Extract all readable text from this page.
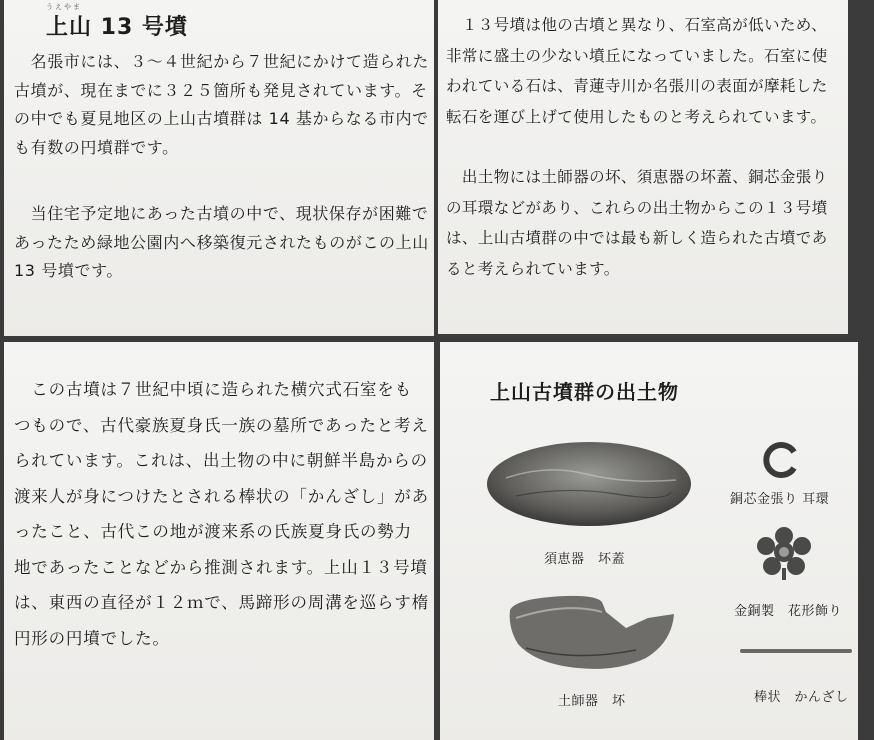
うえやま
上山 13 号墳

　名張市には、３～４世紀から７世紀にかけて造られた古墳が、現在までに３２５箇所も発見されています。その中でも夏見地区の上山古墳群は 14 基からなる市内でも有数の円墳群です。

　当住宅予定地にあった古墳の中で、現状保存が困難であったため緑地公園内へ移築復元されたものがこの上山 13 号墳です。

　１３号墳は他の古墳と異なり、石室高が低いため、非常に盛土の少ない墳丘になっていました。石室に使われている石は、青蓮寺川か名張川の表面が摩耗した転石を運び上げて使用したものと考えられています。

　出土物には土師器の坏、須恵器の坏蓋、銅芯金張りの耳環などがあり、これらの出土物からこの１３号墳は、上山古墳群の中では最も新しく造られた古墳であると考えられています。

　この古墳は７世紀中頃に造られた横穴式石室をもつもので、古代豪族夏身氏一族の墓所であったと考えられています。これは、出土物の中に朝鮮半島からの渡来人が身につけたとされる棒状の「かんざし」があったこと、古代この地が渡来系の氏族夏身氏の勢力地であったことなどから推測されます。上山１３号墳は、東西の直径が１２ｍで、馬蹄形の周溝を巡らす楕円形の円墳でした。

上山古墳群の出土物
須恵器　坏蓋
土師器　坏
銅芯金張り 耳環
金銅製　花形飾り
棒状　かんざし
